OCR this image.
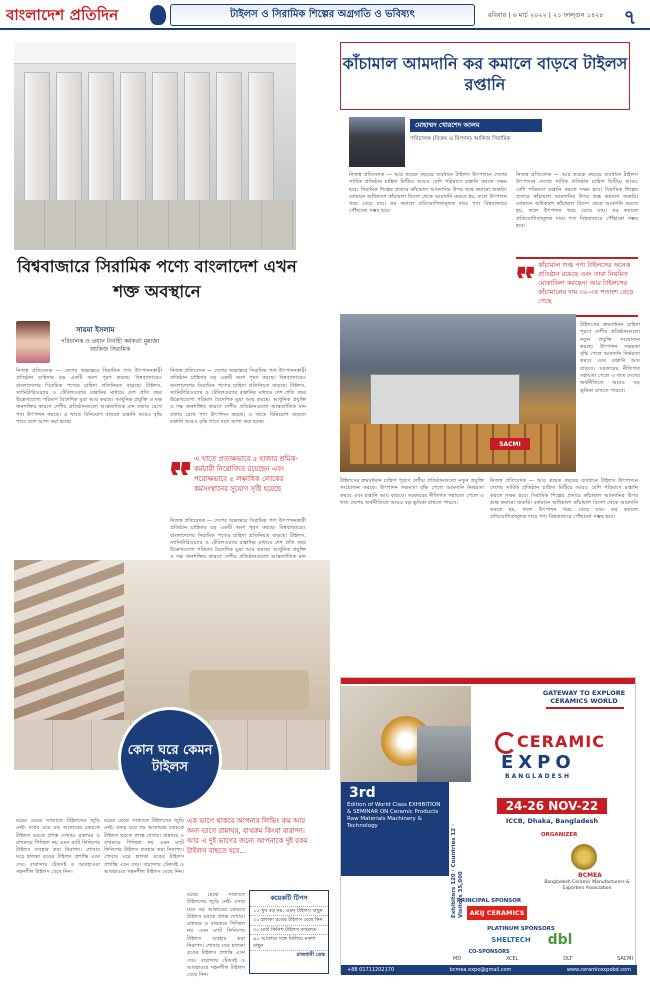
বাংলাদেশ প্রতিদিন	টাইলস ও সিরামিক শিল্পের অগ্রগতি ও ভবিষ্যৎ	রবিবার | ৬ মার্চ ২০২২ | ২১ ফাল্গুন ১৪২৮ ৭
বিশ্ববাজারে সিরামিক পণ্যে বাংলাদেশ এখন শক্ত অবস্থানে
সায়মা ইসলাম
পরিচালক ও প্রধান নির্বাহী কর্মকর্তা মুন্নাজা আকিজ সিরামিক

নিজস্ব প্রতিবেদক — দেশের অভ্যন্তরে সিরামিক পণ্য উৎপাদনকারী প্রতিষ্ঠান চাহিদার বড় একটি অংশ পূরণ করছে। বিশ্ববাজারেও বাংলাদেশের সিরামিক পণ্যের চাহিদা প্রতিনিয়ত বাড়ছে। টাইলস, স্যানিটারিওয়্যার ও টেবিলওয়্যার রপ্তানির মাধ্যমে দেশ প্রতি বছর উল্লেখযোগ্য পরিমাণ বৈদেশিক মুদ্রা আয় করছে। আধুনিক প্রযুক্তি ও দক্ষ জনশক্তির কারণে দেশীয় প্রতিষ্ঠানগুলো আন্তর্জাতিক মান বজায় রেখে পণ্য উৎপাদন করছে। এ খাতে বিনিয়োগ বাড়লে রপ্তানি আরও বৃদ্ধি পাবে বলে আশা করা হচ্ছে।

নিজস্ব প্রতিবেদক — দেশের অভ্যন্তরে সিরামিক পণ্য উৎপাদনকারী প্রতিষ্ঠান চাহিদার বড় একটি অংশ পূরণ করছে। বিশ্ববাজারেও বাংলাদেশের সিরামিক পণ্যের চাহিদা প্রতিনিয়ত বাড়ছে। টাইলস, স্যানিটারিওয়্যার ও টেবিলওয়্যার রপ্তানির মাধ্যমে দেশ প্রতি বছর উল্লেখযোগ্য পরিমাণ বৈদেশিক মুদ্রা আয় করছে। আধুনিক প্রযুক্তি ও দক্ষ জনশক্তির কারণে দেশীয় প্রতিষ্ঠানগুলো আন্তর্জাতিক মান বজায় রেখে পণ্য উৎপাদন করছে। এ খাতে বিনিয়োগ বাড়লে রপ্তানি আরও বৃদ্ধি পাবে বলে আশা করা হচ্ছে।

এ খাতে প্রত্যক্ষভাবে ৫ হাজার শ্রমিক-কর্মচারী নিয়োজিত রয়েছেন এবং পরোক্ষভাবে ৫ লক্ষাধিক লোকের কর্মসংস্থানের সুযোগ সৃষ্টি হয়েছে

নিজস্ব প্রতিবেদক — দেশের অভ্যন্তরে সিরামিক পণ্য উৎপাদনকারী প্রতিষ্ঠান চাহিদার বড় একটি অংশ পূরণ করছে। বিশ্ববাজারেও বাংলাদেশের সিরামিক পণ্যের চাহিদা প্রতিনিয়ত বাড়ছে। টাইলস, স্যানিটারিওয়্যার ও টেবিলওয়্যার রপ্তানির মাধ্যমে দেশ প্রতি বছর উল্লেখযোগ্য পরিমাণ বৈদেশিক মুদ্রা আয় করছে। আধুনিক প্রযুক্তি ও দক্ষ জনশক্তির কারণে দেশীয় প্রতিষ্ঠানগুলো আন্তর্জাতিক মান

কাঁচামাল আমদানি কর কমালে বাড়বে টাইলস রপ্তানি
মোহাম্মদ খোরশেদ আলম
পরিচালক (বিক্রয় ও বিপণন) আকিজ সিরামিক

নিজস্ব প্রতিবেদক — আর কয়েক বছরের ব্যবধানে টাইলস উৎপাদনে দেশের সার্বিক প্রতিষ্ঠান চাহিদা মিটিয়ে আরও বেশি পরিমাণে রপ্তানি করতে সক্ষম হবে। সিরামিক শিল্পের প্রসারে কাঁচামাল আমদানির উপর শুল্ক কমানো জরুরি। বর্তমানে অধিকাংশ কাঁচামাল বিদেশ থেকে আমদানি করতে হয়, ফলে উৎপাদন খরচ বেড়ে যায়। কর কমালে প্রতিযোগিতামূলক দামে পণ্য বিশ্ববাজারে পৌঁছানো সম্ভব হবে।

নিজস্ব প্রতিবেদক — আর কয়েক বছরের ব্যবধানে টাইলস উৎপাদনে দেশের সার্বিক প্রতিষ্ঠান চাহিদা মিটিয়ে আরও বেশি পরিমাণে রপ্তানি করতে সক্ষম হবে। সিরামিক শিল্পের প্রসারে কাঁচামাল আমদানির উপর শুল্ক কমানো জরুরি। বর্তমানে অধিকাংশ কাঁচামাল বিদেশ থেকে আমদানি করতে হয়, ফলে উৎপাদন খরচ বেড়ে যায়। কর কমালে প্রতিযোগিতামূলক দামে পণ্য বিশ্ববাজারে পৌঁছানো সম্ভব হবে।

কাঁচামাল শুল্ক পণ্য টাইলসের অনেক প্রতিষ্ঠান রয়েছে এবং তারা নিয়মিত মোকাবিলা করছেন। আর টাইলসের কাঁচামালের দাম ৩০-৩৫ শতাংশ বেড়ে গেছে

টাইলসের ক্রমবর্ধমান চাহিদা পূরণে দেশীয় প্রতিষ্ঠানগুলো নতুন প্রযুক্তি সংযোজন করছে। উৎপাদন সক্ষমতা বৃদ্ধি পেলে আমদানি নির্ভরতা কমবে এবং রপ্তানি আয় বাড়বে। সরকারের নীতিগত সহায়তা পেলে এ খাত দেশের অর্থনীতিতে আরও বড় ভূমিকা রাখতে পারবে।

SACMI

টাইলসের ক্রমবর্ধমান চাহিদা পূরণে দেশীয় প্রতিষ্ঠানগুলো নতুন প্রযুক্তি সংযোজন করছে। উৎপাদন সক্ষমতা বৃদ্ধি পেলে আমদানি নির্ভরতা কমবে এবং রপ্তানি আয় বাড়বে। সরকারের নীতিগত সহায়তা পেলে এ খাত দেশের অর্থনীতিতে আরও বড় ভূমিকা রাখতে পারবে।

নিজস্ব প্রতিবেদক — আর কয়েক বছরের ব্যবধানে টাইলস উৎপাদনে দেশের সার্বিক প্রতিষ্ঠান চাহিদা মিটিয়ে আরও বেশি পরিমাণে রপ্তানি করতে সক্ষম হবে। সিরামিক শিল্পের প্রসারে কাঁচামাল আমদানির উপর শুল্ক কমানো জরুরি। বর্তমানে অধিকাংশ কাঁচামাল বিদেশ থেকে আমদানি করতে হয়, ফলে উৎপাদন খরচ বেড়ে যায়। কর কমালে প্রতিযোগিতামূলক দামে পণ্য বিশ্ববাজারে পৌঁছানো সম্ভব হবে।

কোন ঘরে কেমন টাইলস

ঘরের মেঝে সাজাতে টাইলসের জুড়ি নেই। বসার ঘরে বড় আকারের চকচকে টাইলস ঘরকে প্রশস্ত দেখায়। রান্নাঘর ও বাথরুমে পিচ্ছিল নয় এমন ম্যাট ফিনিশের টাইলস ব্যবহার করা নিরাপদ। শোবার ঘরে হালকা রঙের টাইলস প্রশান্তি এনে দেয়। বারান্দায় টেকসই ও আবহাওয়া সহনশীল টাইলস বেছে নিন।

ঘরের মেঝে সাজাতে টাইলসের জুড়ি নেই। বসার ঘরে বড় আকারের চকচকে টাইলস ঘরকে প্রশস্ত দেখায়। রান্নাঘর ও বাথরুমে পিচ্ছিল নয় এমন ম্যাট ফিনিশের টাইলস ব্যবহার করা নিরাপদ। শোবার ঘরে হালকা রঙের টাইলস প্রশান্তি এনে দেয়। বারান্দায় টেকসই ও আবহাওয়া সহনশীল টাইলস বেছে নিন।

এক ভাগে থাকবে আপনার লিভিং রুম আর অন্য ভাগে রান্নাঘর, বাথরুম কিংবা বারান্দা। আর এ দুই ভাগের জন্যে আপনাকে দুই রকম টাইলস বাছতে হবে...

ঘরের মেঝে সাজাতে টাইলসের জুড়ি নেই। বসার ঘরে বড় আকারের চকচকে টাইলস ঘরকে প্রশস্ত দেখায়। রান্নাঘর ও বাথরুমে পিচ্ছিল নয় এমন ম্যাট ফিনিশের টাইলস ব্যবহার করা নিরাপদ। শোবার ঘরে হালকা রঙের টাইলস প্রশান্তি এনে দেয়। বারান্দায় টেকসই ও আবহাওয়া সহনশীল টাইলস বেছে নিন।

কয়েকটি টিপস
১০ খুব বড় নয়, এমন টাইলস বাছুন
২০ হালকা রঙের টাইলস বেছে নিন
৩০ ম্যাট ফিনিশ টাইলস বাথরুমে
৪০ আলোর সঙ্গে মিলিয়ে নকশা বাছুন
রাজধানী ডেস্ক
GATEWAY TO EXPLORE CERAMICS WORLD
CERAMIC
EXPO
BANGLADESH
24-26 NOV-22
ICCB, Dhaka, Bangladesh
3rd
Edition of World Class EXHIBITION & SEMINAR ON Ceramic Products Raw Materials Machinery & Technology	Exhibitors 120 · Countries 12 · Visitors 35,000
ORGANIZER
BCMEA
Bangladesh Ceramic Manufacturers & Exporters Association
PRINCIPAL SPONSOR
AKIJ CERAMICS
PLATINUM SPONSORS
SHELTECH	dbl
CO-SPONSORS
MD	XCEL	DLT	SACMI
+88 01711202170	bcmea.expo@gmail.com	www.ceramicexpobd.com
